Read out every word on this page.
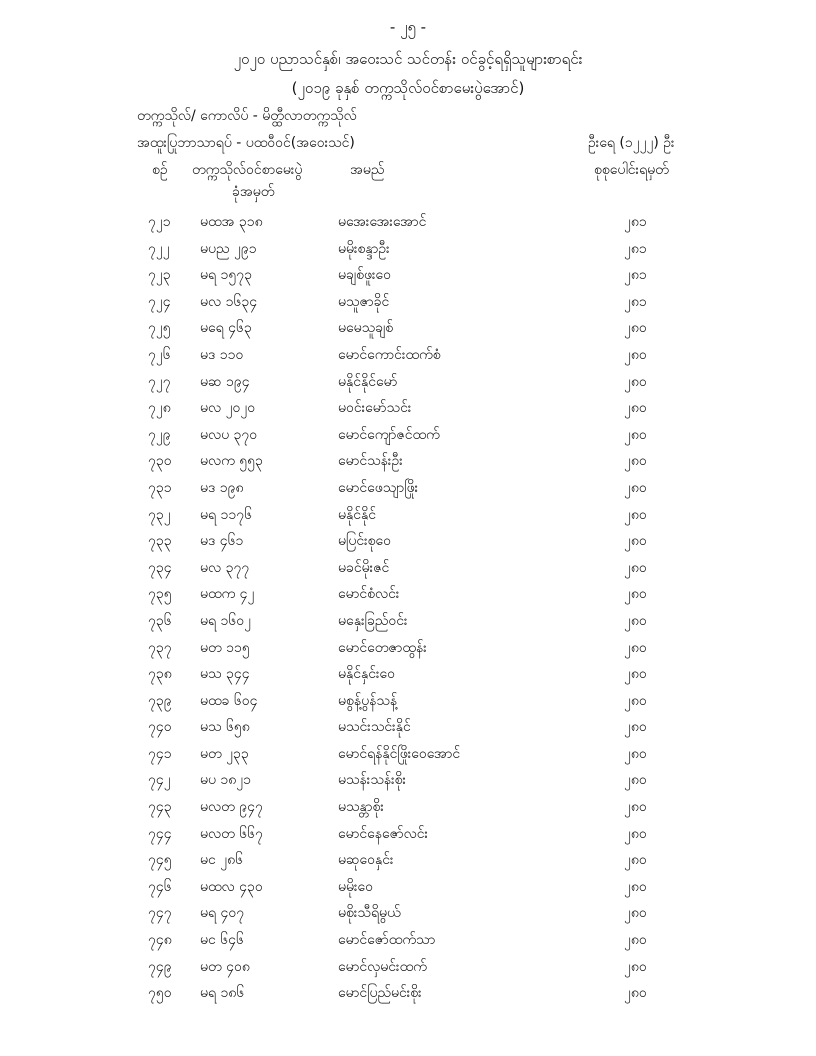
- ၂၅ -
၂၀၂၀ ပညာသင်နှစ်၊ အဝေးသင် သင်တန်း ဝင်ခွင့်ရရှိသူများစာရင်း
(၂၀၁၉ ခုနှစ် တက္ကသိုလ်ဝင်စာမေးပွဲအောင်)
တက္ကသိုလ်/ ကောလိပ် - မိတ္ထီလာတက္ကသိုလ်
အထူးပြုဘာသာရပ် - ပထဝီဝင်(အဝေးသင်)	ဦးရေ (၁၂၂၂) ဦး
စဉ် တက္ကသိုလ်ဝင်စာမေးပွဲ
ခုံအမှတ်
အမည်	စုစုပေါင်းရမှတ်
၇၂၁ မထအ ၃၁၈	မအေးအေးအောင်	၂၈၁
၇၂၂ မပည ၂၉၁	မမိုးစန္ဒာဦး	၂၈၁
၇၂၃ မရ ၁၅၇၃	မချစ်ဖူးဝေ	၂၈၁
၇၂၄ မလ ၁၆၃၄	မသူဇာခိုင်	၂၈၁
၇၂၅ မရေ ၄၆၃	မမေသူချစ်	၂၈၀
၇၂၆ မဒ ၁၁၀	မောင်ကောင်းထက်စံ	၂၈၀
၇၂၇ မဆ ၁၉၄	မနိုင်နိုင်မော်	၂၈၀
၇၂၈ မလ ၂၀၂၀	မဝင်းမော်သင်း	၂၈၀
၇၂၉ မလပ ၃၇၀	မောင်ကျော်ဇင်ထက်	၂၈၀
၇၃၀ မလက ၅၅၃	မောင်သန်းဦး	၂၈၀
၇၃၁ မဒ ၁၉၈	မောင်ဖေသျာဖြိုး	၂၈၀
၇၃၂ မရ ၁၁၇၆	မနိုင်နိုင်	၂၈၀
၇၃၃ မဒ ၄၆၁	မပြင်းစုဝေ	၂၈၀
၇၃၄ မလ ၃၇၇	မခင်မိုးဇင်	၂၈၀
၇၃၅ မထက ၄၂	မောင်စံလင်း	၂၈၀
၇၃၆ မရ ၁၆၀၂	မနှေးခြည်ဝင်း	၂၈၀
၇၃၇ မတ ၁၁၅	မောင်တေဇာထွန်း	၂၈၀
၇၃၈ မသ ၃၄၄	မနိုင်နှင်းဝေ	၂၈၀
၇၃၉ မထခ ၆၀၄	မစွန့်ပွန်သန့်	၂၈၀
၇၄၀ မသ ၆၅၈	မသင်းသင်းနိုင်	၂၈၀
၇၄၁ မတ ၂၃၃	မောင်ရန်နိုင်ဖြိုးဝေအောင်	၂၈၀
၇၄၂ မပ ၁၈၂၁	မသန်းသန်းစိုး	၂၈၀
၇၄၃ မလတ ၉၄၇	မသန္တာစိုး	၂၈၀
၇၄၄ မလတ ၆၆၇	မောင်နေဇော်လင်း	၂၈၀
၇၄၅ မင ၂၈၆	မဆုဝေနှင်း	၂၈၀
၇၄၆ မထလ ၄၃၀	မမိုးဝေ	၂၈၀
၇၄၇ မရ ၄၀၇	မစိုးသီရိမွယ်	၂၈၀
၇၄၈ မင ၆၄၆	မောင်ဇော်ထက်သာ	၂၈၀
၇၄၉ မတ ၄၀၈	မောင်လှမင်းထက်	၂၈၀
၇၅၀ မရ ၁၈၆	မောင်ပြည်မင်းစိုး	၂၈၀
